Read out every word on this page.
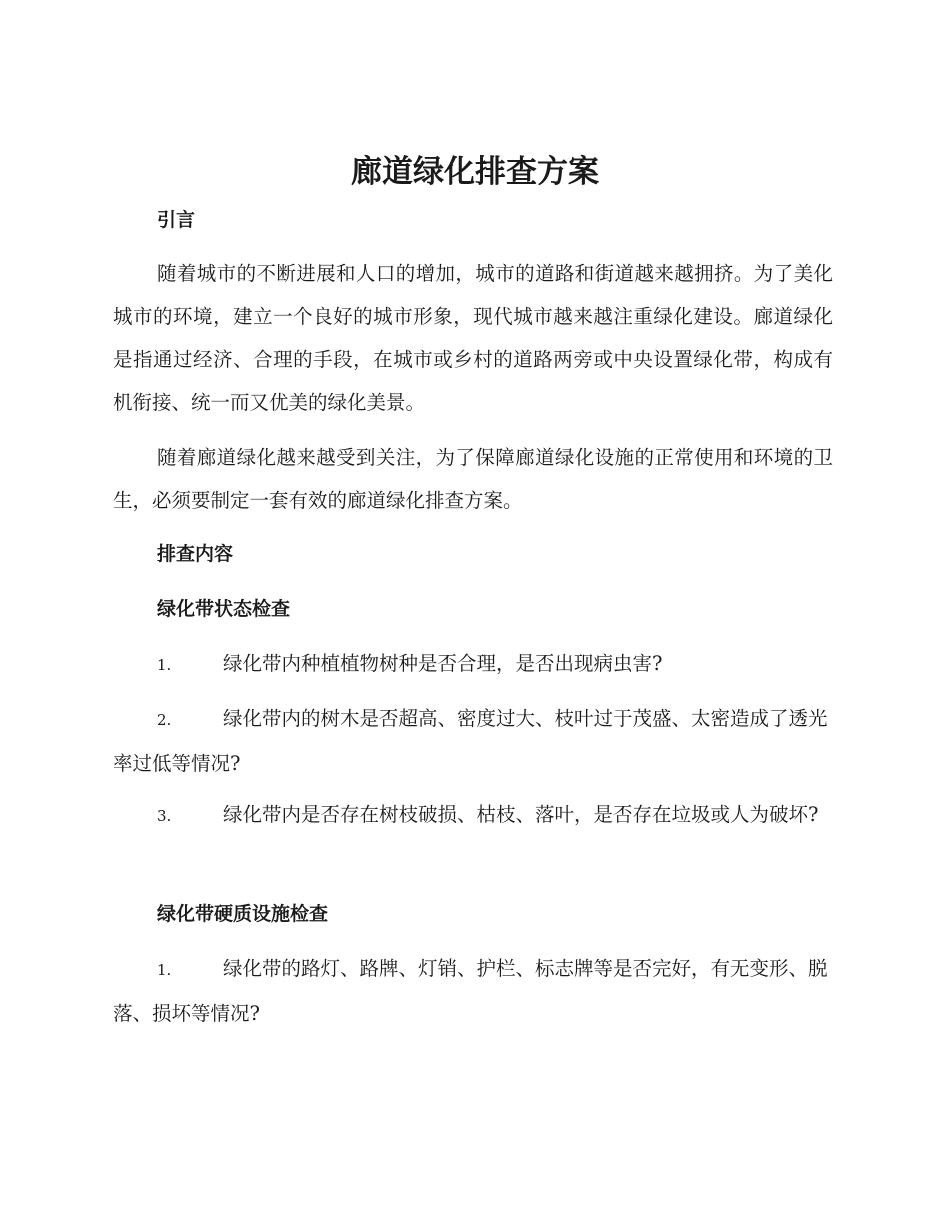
廊道绿化排查方案
引言

随着城市的不断进展和人口的增加，城市的道路和街道越来越拥挤。为了美化城市的环境，建立一个良好的城市形象，现代城市越来越注重绿化建设。廊道绿化是指通过经济、合理的手段，在城市或乡村的道路两旁或中央设置绿化带，构成有机衔接、统一而又优美的绿化美景。

随着廊道绿化越来越受到关注，为了保障廊道绿化设施的正常使用和环境的卫生，必须要制定一套有效的廊道绿化排查方案。

排查内容
绿化带状态检查

1.	绿化带内种植植物树种是否合理，是否出现病虫害?

2.	绿化带内的树木是否超高、密度过大、枝叶过于茂盛、太密造成了透光率过低等情况?

3.	绿化带内是否存在树枝破损、枯枝、落叶，是否存在垃圾或人为破坏?

绿化带硬质设施检查

1.	绿化带的路灯、路牌、灯销、护栏、标志牌等是否完好，有无变形、脱落、损坏等情况?
